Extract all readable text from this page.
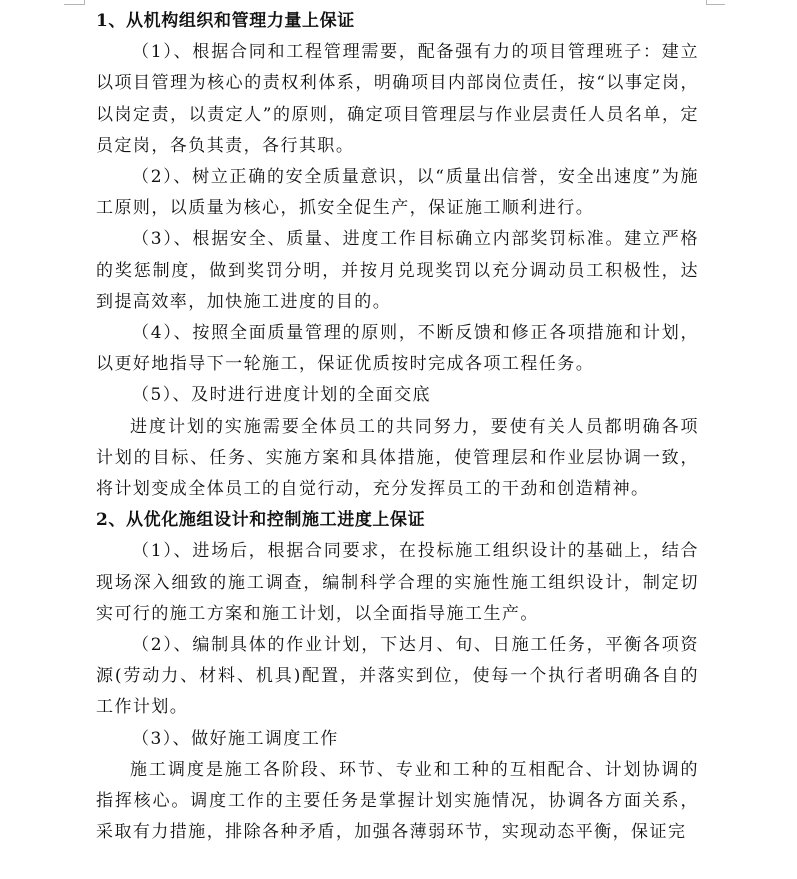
1、从机构组织和管理力量上保证

（1）、根据合同和工程管理需要，配备强有力的项目管理班子：建立以项目管理为核心的责权利体系，明确项目内部岗位责任，按“以事定岗，以岗定责，以责定人”的原则，确定项目管理层与作业层责任人员名单，定员定岗，各负其责，各行其职。

（2）、树立正确的安全质量意识，以“质量出信誉，安全出速度”为施工原则，以质量为核心，抓安全促生产，保证施工顺利进行。

（3）、根据安全、质量、进度工作目标确立内部奖罚标准。建立严格的奖惩制度，做到奖罚分明，并按月兑现奖罚以充分调动员工积极性，达到提高效率，加快施工进度的目的。

（4）、按照全面质量管理的原则，不断反馈和修正各项措施和计划，以更好地指导下一轮施工，保证优质按时完成各项工程任务。

（5）、及时进行进度计划的全面交底

进度计划的实施需要全体员工的共同努力，要使有关人员都明确各项计划的目标、任务、实施方案和具体措施，使管理层和作业层协调一致，将计划变成全体员工的自觉行动，充分发挥员工的干劲和创造精神。

2、从优化施组设计和控制施工进度上保证

（1）、进场后，根据合同要求，在投标施工组织设计的基础上，结合现场深入细致的施工调查，编制科学合理的实施性施工组织设计，制定切实可行的施工方案和施工计划，以全面指导施工生产。

（2）、编制具体的作业计划，下达月、旬、日施工任务，平衡各项资源(劳动力、材料、机具)配置，并落实到位，使每一个执行者明确各自的工作计划。

（3）、做好施工调度工作

施工调度是施工各阶段、环节、专业和工种的互相配合、计划协调的指挥核心。调度工作的主要任务是掌握计划实施情况，协调各方面关系，采取有力措施，排除各种矛盾，加强各薄弱环节，实现动态平衡，保证完
